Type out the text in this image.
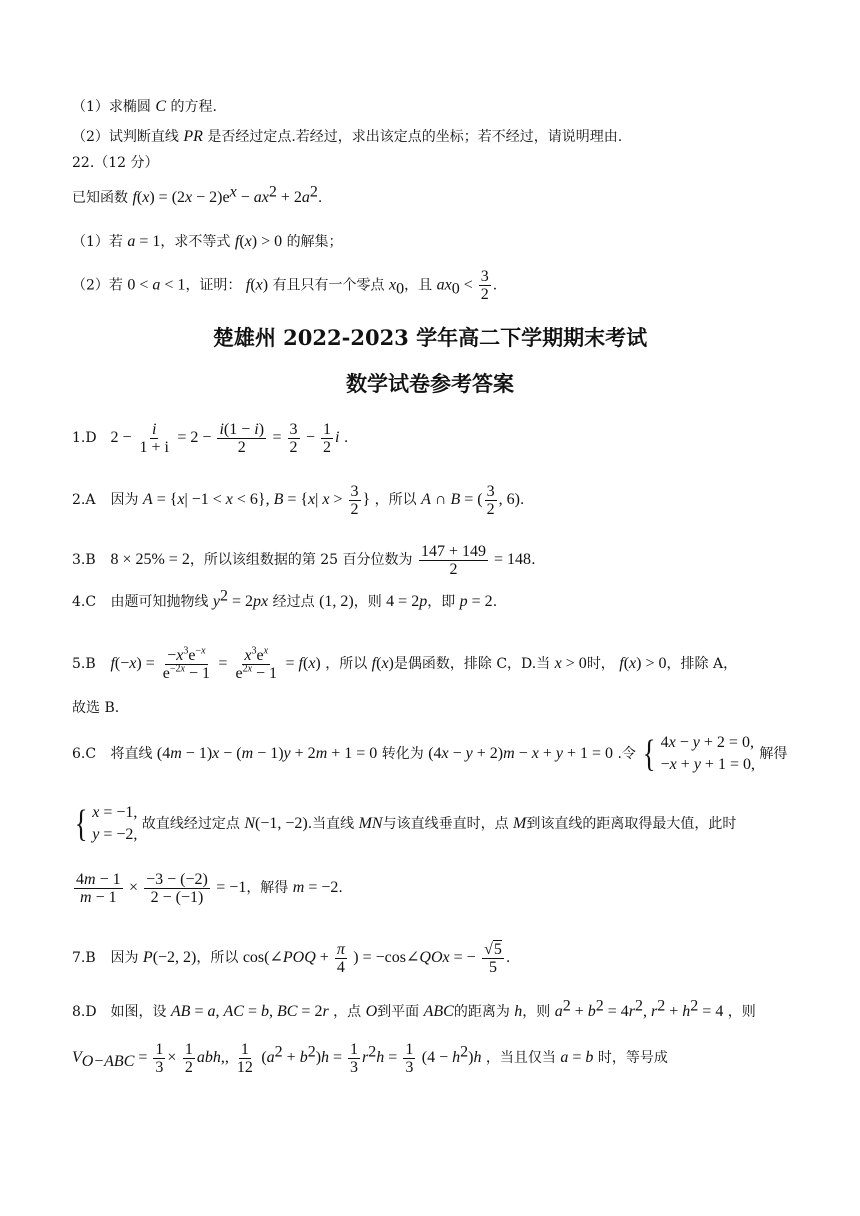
（1）求椭圆 C 的方程.
（2）试判断直线 PR 是否经过定点.若经过，求出该定点的坐标；若不经过，请说明理由.
22.（12 分）
已知函数 $f(x) = (2x - 2)e^x - ax^2 + 2a^2$.
（1）若 a = 1，求不等式 f(x) > 0 的解集；
（2）若 0 < a < 1，证明： f(x) 有且只有一个零点 $x_0$，且 $ax_0 < \frac{3}{2}$ .
楚雄州 2022-2023 学年高二下学期期末考试
数学试卷参考答案
1.D $2 - \frac{i}{1 + i} = 2 - \frac{i(1 - i)}{2} = \frac{3}{2} - \frac{1}{2}$ i .
2.A 因为 A = {x| −1 < x < 6}, B = {x| $x > \frac{3}{2}$ } ，所以 A ∩ B = ( $\frac{3}{2}$ , 6).
3.B 8 × 25% = 2，所以该组数据的第 25 百分位数为 $\frac{147 + 149}{2} = 148$.
4.C 由题可知抛物线 $y^2 = 2px$ 经过点 (1, 2)，则 4 = 2p，即 p = 2.
5.B $f(-x) = \frac{-x^3e^{-x}}{e^{-2x} - 1} = \frac{x^3e^x}{e^{2x} - 1} = f(x)$ ，所以 f(x)是偶函数，排除 C，D.当 x > 0时， f(x) > 0，排除 A，
故选 B.
6.C 将直线 (4m − 1)x − (m − 1)y + 2m + 1 = 0 转化为 (4x − y + 2)m − x + y + 1 = 0 .令 { 4x − y + 2 = 0,
−x + y + 1 = 0,
解得
{ x = −1,
y = −2,
故直线经过定点 N(−1, −2).当直线 MN与该直线垂直时，点 M到该直线的距离取得最大值，此时
$\frac{4m - 1}{m - 1} \times \frac{-3 - (-2)}{2 - (-1)} = -1$，解得 m = −2.
7.B 因为 P(−2, 2)，所以 cos(∠POQ + $\frac{\pi}{4}$ ) = −cos∠QOx = − $\frac{√5}{5}$ .
8.D 如图，设 AB = a, AC = b, BC = 2r ，点 O到平面 ABC的距离为 h，则 $a^2 + b^2 = 4r^2$, $r^2 + h^2 = 4$ ，则
$V_{O-ABC} = \frac{1}{3} \times \frac{1}{2}$ abh,, $\frac{1}{12} (a^2 + b^2)h = \frac{1}{3} r^2h = \frac{1}{3} (4 - h^2)h$ ，当且仅当 a = b 时，等号成
